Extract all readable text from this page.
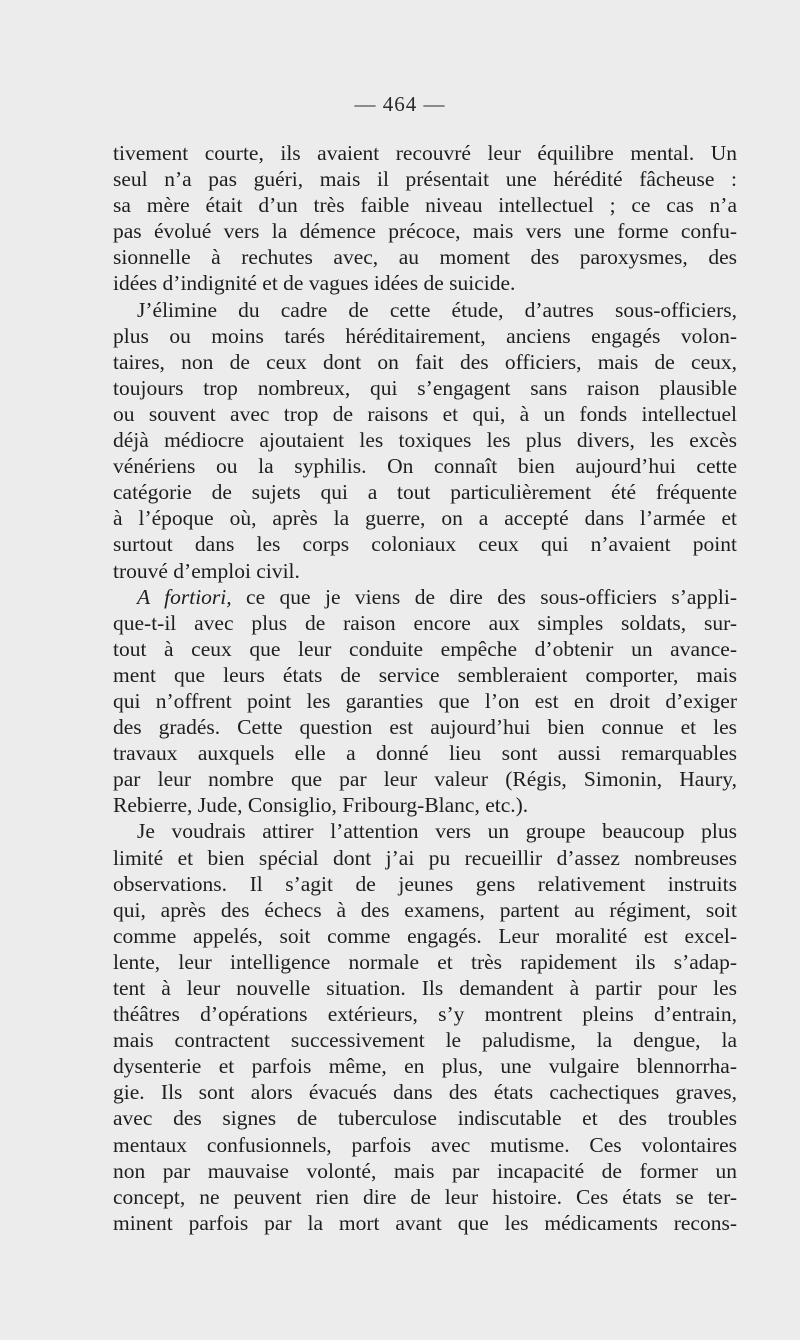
— 464 —
tivement courte, ils avaient recouvré leur équilibre mental. Un
seul n’a pas guéri, mais il présentait une hérédité fâcheuse :
sa mère était d’un très faible niveau intellectuel ; ce cas n’a
pas évolué vers la démence précoce, mais vers une forme confu-
sionnelle à rechutes avec, au moment des paroxysmes, des
idées d’indignité et de vagues idées de suicide.
J’élimine du cadre de cette étude, d’autres sous-officiers,
plus ou moins tarés héréditairement, anciens engagés volon-
taires, non de ceux dont on fait des officiers, mais de ceux,
toujours trop nombreux, qui s’engagent sans raison plausible
ou souvent avec trop de raisons et qui, à un fonds intellectuel
déjà médiocre ajoutaient les toxiques les plus divers, les excès
vénériens ou la syphilis. On connaît bien aujourd’hui cette
catégorie de sujets qui a tout particulièrement été fréquente
à l’époque où, après la guerre, on a accepté dans l’armée et
surtout dans les corps coloniaux ceux qui n’avaient point
trouvé d’emploi civil.
A fortiori, ce que je viens de dire des sous-officiers s’appli-
que-t-il avec plus de raison encore aux simples soldats, sur-
tout à ceux que leur conduite empêche d’obtenir un avance-
ment que leurs états de service sembleraient comporter, mais
qui n’offrent point les garanties que l’on est en droit d’exiger
des gradés. Cette question est aujourd’hui bien connue et les
travaux auxquels elle a donné lieu sont aussi remarquables
par leur nombre que par leur valeur (Régis, Simonin, Haury,
Rebierre, Jude, Consiglio, Fribourg-Blanc, etc.).
Je voudrais attirer l’attention vers un groupe beaucoup plus
limité et bien spécial dont j’ai pu recueillir d’assez nombreuses
observations. Il s’agit de jeunes gens relativement instruits
qui, après des échecs à des examens, partent au régiment, soit
comme appelés, soit comme engagés. Leur moralité est excel-
lente, leur intelligence normale et très rapidement ils s’adap-
tent à leur nouvelle situation. Ils demandent à partir pour les
théâtres d’opérations extérieurs, s’y montrent pleins d’entrain,
mais contractent successivement le paludisme, la dengue, la
dysenterie et parfois même, en plus, une vulgaire blennorrha-
gie. Ils sont alors évacués dans des états cachectiques graves,
avec des signes de tuberculose indiscutable et des troubles
mentaux confusionnels, parfois avec mutisme. Ces volontaires
non par mauvaise volonté, mais par incapacité de former un
concept, ne peuvent rien dire de leur histoire. Ces états se ter-
minent parfois par la mort avant que les médicaments recons-
